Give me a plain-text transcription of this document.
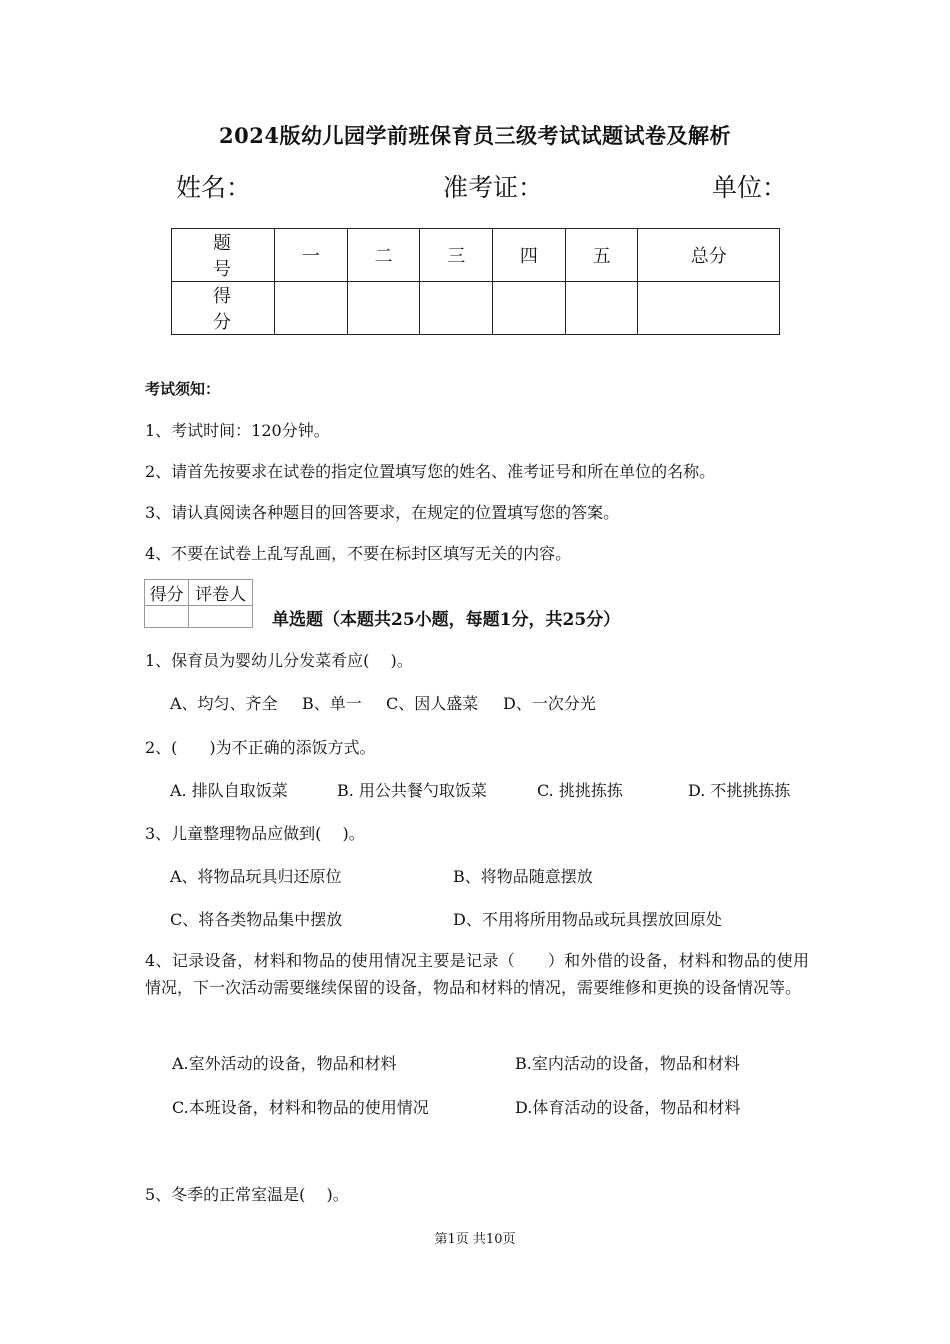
2024版幼儿园学前班保育员三级考试试题试卷及解析
姓名：	准考证：	单位：
题　号	一	二	三	四	五	总分
得　分						
考试须知：
1、考试时间：120分钟。
2、请首先按要求在试卷的指定位置填写您的姓名、准考证号和所在单位的名称。
3、请认真阅读各种题目的回答要求，在规定的位置填写您的答案。
4、不要在试卷上乱写乱画，不要在标封区填写无关的内容。
得分	评卷人

单选题（本题共25小题，每题1分，共25分）
1、保育员为婴幼儿分发菜肴应(　 )。
A、均匀、齐全 B、单一 C、因人盛菜 D、一次分光
2、(　　)为不正确的添饭方式。
A. 排队自取饭菜	B. 用公共餐勺取饭菜	C. 挑挑拣拣	D. 不挑挑拣拣
3、儿童整理物品应做到(　 )。
A、将物品玩具归还原位	B、将物品随意摆放
C、将各类物品集中摆放	D、不用将所用物品或玩具摆放回原处
4、记录设备，材料和物品的使用情况主要是记录（　　）和外借的设备，材料和物品的使用情况，下一次活动需要继续保留的设备，物品和材料的情况，需要维修和更换的设备情况等。
A.室外活动的设备，物品和材料	B.室内活动的设备，物品和材料
C.本班设备，材料和物品的使用情况	D.体育活动的设备，物品和材料
5、冬季的正常室温是(　 )。
第1页 共10页
